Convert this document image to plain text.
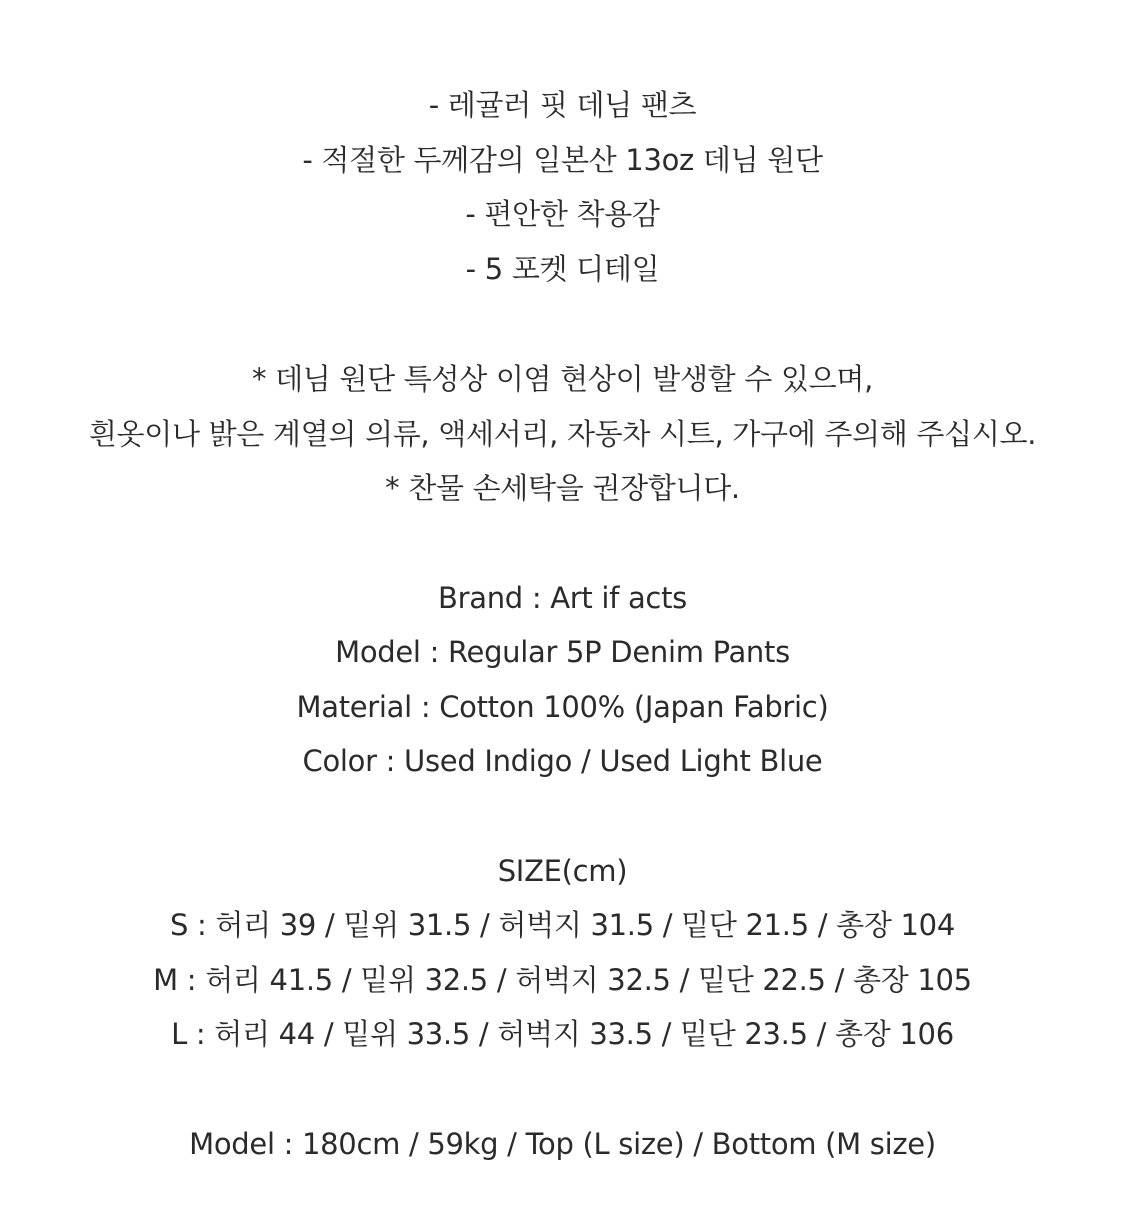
- 레귤러 핏 데님 팬츠
- 적절한 두께감의 일본산 13oz 데님 원단
- 편안한 착용감
- 5 포켓 디테일
* 데님 원단 특성상 이염 현상이 발생할 수 있으며,
흰옷이나 밝은 계열의 의류, 액세서리, 자동차 시트, 가구에 주의해 주십시오.
* 찬물 손세탁을 권장합니다.
Brand : Art if acts
Model : Regular 5P Denim Pants
Material : Cotton 100% (Japan Fabric)
Color : Used Indigo / Used Light Blue
SIZE(cm)
S : 허리 39 / 밑위 31.5 / 허벅지 31.5 / 밑단 21.5 / 총장 104
M : 허리 41.5 / 밑위 32.5 / 허벅지 32.5 / 밑단 22.5 / 총장 105
L : 허리 44 / 밑위 33.5 / 허벅지 33.5 / 밑단 23.5 / 총장 106
Model : 180cm / 59kg / Top (L size) / Bottom (M size)
